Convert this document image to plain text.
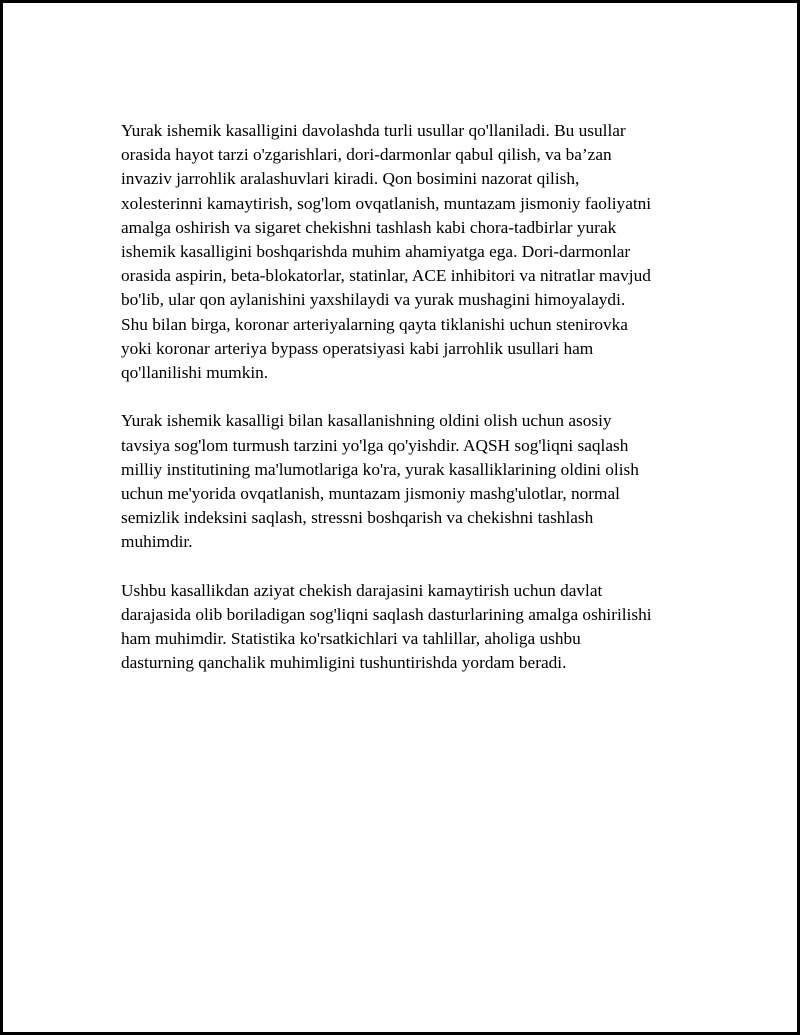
Yurak ishemik kasalligini davolashda turli usullar qo'llaniladi. Bu usullar
orasida hayot tarzi o'zgarishlari, dori-darmonlar qabul qilish, va ba’zan
invaziv jarrohlik aralashuvlari kiradi. Qon bosimini nazorat qilish,
xolesterinni kamaytirish, sog'lom ovqatlanish, muntazam jismoniy faoliyatni
amalga oshirish va sigaret chekishni tashlash kabi chora-tadbirlar yurak
ishemik kasalligini boshqarishda muhim ahamiyatga ega. Dori-darmonlar
orasida aspirin, beta-blokatorlar, statinlar, ACE inhibitori va nitratlar mavjud
bo'lib, ular qon aylanishini yaxshilaydi va yurak mushagini himoyalaydi.
Shu bilan birga, koronar arteriyalarning qayta tiklanishi uchun stenirovka
yoki koronar arteriya bypass operatsiyasi kabi jarrohlik usullari ham
qo'llanilishi mumkin.

Yurak ishemik kasalligi bilan kasallanishning oldini olish uchun asosiy
tavsiya sog'lom turmush tarzini yo'lga qo'yishdir. AQSH sog'liqni saqlash
milliy institutining ma'lumotlariga ko'ra, yurak kasalliklarining oldini olish
uchun me'yorida ovqatlanish, muntazam jismoniy mashg'ulotlar, normal
semizlik indeksini saqlash, stressni boshqarish va chekishni tashlash
muhimdir.

Ushbu kasallikdan aziyat chekish darajasini kamaytirish uchun davlat
darajasida olib boriladigan sog'liqni saqlash dasturlarining amalga oshirilishi
ham muhimdir. Statistika ko'rsatkichlari va tahlillar, aholiga ushbu
dasturning qanchalik muhimligini tushuntirishda yordam beradi.
